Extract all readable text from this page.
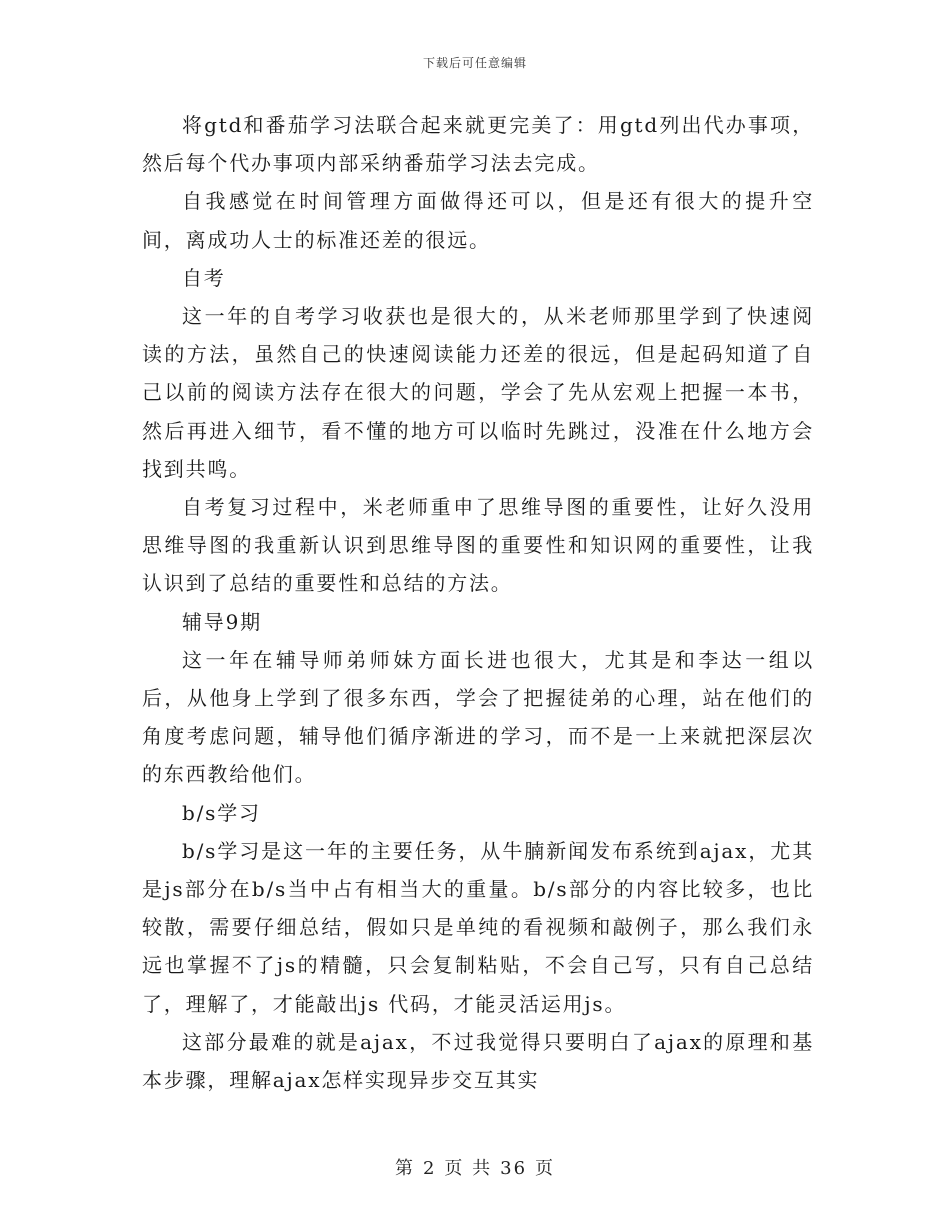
下载后可任意编辑

将gtd和番茄学习法联合起来就更完美了：用gtd列出代办事项，然后每个代办事项内部采纳番茄学习法去完成。

自我感觉在时间管理方面做得还可以，但是还有很大的提升空间，离成功人士的标准还差的很远。

自考

这一年的自考学习收获也是很大的，从米老师那里学到了快速阅读的方法，虽然自己的快速阅读能力还差的很远，但是起码知道了自己以前的阅读方法存在很大的问题，学会了先从宏观上把握一本书，然后再进入细节，看不懂的地方可以临时先跳过，没准在什么地方会找到共鸣。

自考复习过程中，米老师重申了思维导图的重要性，让好久没用思维导图的我重新认识到思维导图的重要性和知识网的重要性，让我认识到了总结的重要性和总结的方法。

辅导9期

这一年在辅导师弟师妹方面长进也很大，尤其是和李达一组以后，从他身上学到了很多东西，学会了把握徒弟的心理，站在他们的角度考虑问题，辅导他们循序渐进的学习，而不是一上来就把深层次的东西教给他们。

b/s学习

b/s学习是这一年的主要任务，从牛腩新闻发布系统到ajax，尤其是js部分在b/s当中占有相当大的重量。b/s部分的内容比较多，也比较散，需要仔细总结，假如只是单纯的看视频和敲例子，那么我们永远也掌握不了js的精髓，只会复制粘贴，不会自己写，只有自己总结了，理解了，才能敲出js 代码，才能灵活运用js。

这部分最难的就是ajax，不过我觉得只要明白了ajax的原理和基本步骤，理解ajax怎样实现异步交互其实

第 2 页 共 36 页
